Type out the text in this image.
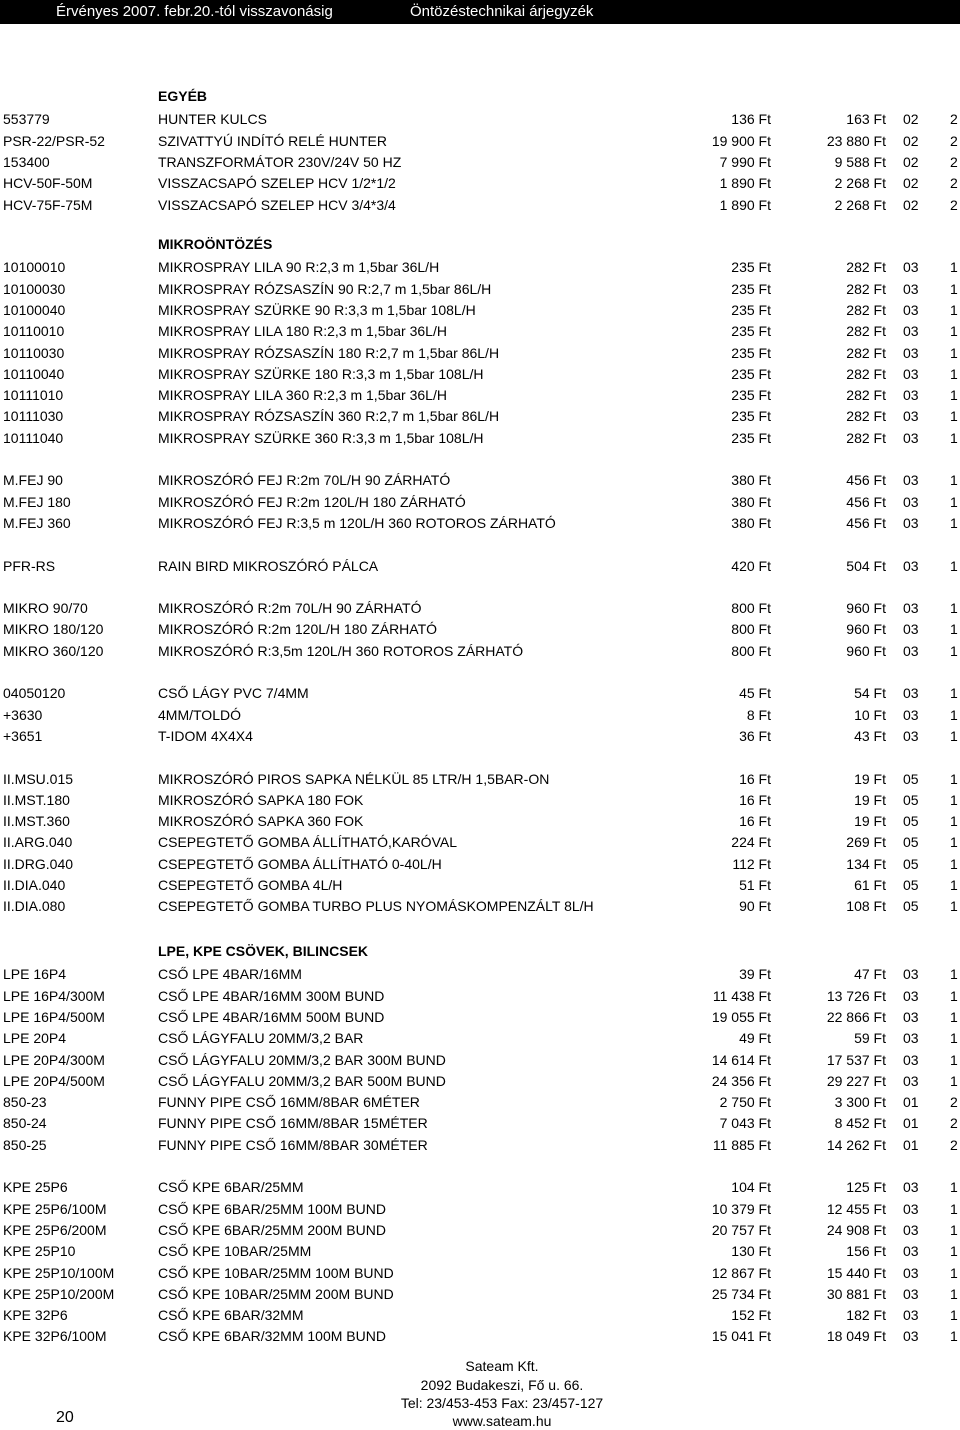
Érvényes 2007. febr.20.-tól visszavonásig	Öntözéstechnikai árjegyzék
EGYÉB
553779	HUNTER KULCS	136 Ft	163 Ft 02 2
PSR-22/PSR-52	SZIVATTYÚ INDÍTÓ RELÉ HUNTER	19 900 Ft	23 880 Ft 02 2
153400	TRANSZFORMÁTOR 230V/24V 50 HZ	7 990 Ft	9 588 Ft 02 2
HCV-50F-50M	VISSZACSAPÓ SZELEP HCV 1/2*1/2	1 890 Ft	2 268 Ft 02 2
HCV-75F-75M	VISSZACSAPÓ SZELEP HCV 3/4*3/4	1 890 Ft	2 268 Ft 02 2
MIKROÖNTÖZÉS
10100010	MIKROSPRAY LILA 90 R:2,3 m 1,5bar 36L/H	235 Ft	282 Ft 03 1
10100030	MIKROSPRAY RÓZSASZÍN 90 R:2,7 m 1,5bar 86L/H	235 Ft	282 Ft 03 1
10100040	MIKROSPRAY SZÜRKE 90 R:3,3 m 1,5bar 108L/H	235 Ft	282 Ft 03 1
10110010	MIKROSPRAY LILA 180 R:2,3 m 1,5bar 36L/H	235 Ft	282 Ft 03 1
10110030	MIKROSPRAY RÓZSASZÍN 180 R:2,7 m 1,5bar 86L/H	235 Ft	282 Ft 03 1
10110040	MIKROSPRAY SZÜRKE 180 R:3,3 m 1,5bar 108L/H	235 Ft	282 Ft 03 1
10111010	MIKROSPRAY LILA 360 R:2,3 m 1,5bar 36L/H	235 Ft	282 Ft 03 1
10111030	MIKROSPRAY RÓZSASZÍN 360 R:2,7 m 1,5bar 86L/H	235 Ft	282 Ft 03 1
10111040	MIKROSPRAY SZÜRKE 360 R:3,3 m 1,5bar 108L/H	235 Ft	282 Ft 03 1
M.FEJ 90	MIKROSZÓRÓ FEJ R:2m 70L/H 90 ZÁRHATÓ	380 Ft	456 Ft 03 1
M.FEJ 180	MIKROSZÓRÓ FEJ R:2m 120L/H 180 ZÁRHATÓ	380 Ft	456 Ft 03 1
M.FEJ 360	MIKROSZÓRÓ FEJ R:3,5 m 120L/H 360 ROTOROS ZÁRHATÓ	380 Ft	456 Ft 03 1
PFR-RS	RAIN BIRD MIKROSZÓRÓ PÁLCA	420 Ft	504 Ft 03 1
MIKRO 90/70	MIKROSZÓRÓ R:2m 70L/H 90 ZÁRHATÓ	800 Ft	960 Ft 03 1
MIKRO 180/120	MIKROSZÓRÓ R:2m 120L/H 180 ZÁRHATÓ	800 Ft	960 Ft 03 1
MIKRO 360/120	MIKROSZÓRÓ R:3,5m 120L/H 360 ROTOROS ZÁRHATÓ	800 Ft	960 Ft 03 1
04050120	CSŐ LÁGY PVC 7/4MM	45 Ft	54 Ft 03 1
+3630	4MM/TOLDÓ	8 Ft	10 Ft 03 1
+3651	T-IDOM 4X4X4	36 Ft	43 Ft 03 1
II.MSU.015	MIKROSZÓRÓ PIROS SAPKA NÉLKÜL 85 LTR/H 1,5BAR-ON	16 Ft	19 Ft 05 1
II.MST.180	MIKROSZÓRÓ SAPKA 180 FOK	16 Ft	19 Ft 05 1
II.MST.360	MIKROSZÓRÓ SAPKA 360 FOK	16 Ft	19 Ft 05 1
II.ARG.040	CSEPEGTETŐ GOMBA ÁLLÍTHATÓ,KARÓVAL	224 Ft	269 Ft 05 1
II.DRG.040	CSEPEGTETŐ GOMBA ÁLLÍTHATÓ 0-40L/H	112 Ft	134 Ft 05 1
II.DIA.040	CSEPEGTETŐ GOMBA 4L/H	51 Ft	61 Ft 05 1
II.DIA.080	CSEPEGTETŐ GOMBA TURBO PLUS NYOMÁSKOMPENZÁLT 8L/H	90 Ft	108 Ft 05 1
LPE, KPE CSÖVEK, BILINCSEK
LPE 16P4	CSŐ LPE 4BAR/16MM	39 Ft	47 Ft 03 1
LPE 16P4/300M	CSŐ LPE 4BAR/16MM 300M BUND	11 438 Ft	13 726 Ft 03 1
LPE 16P4/500M	CSŐ LPE 4BAR/16MM 500M BUND	19 055 Ft	22 866 Ft 03 1
LPE 20P4	CSŐ LÁGYFALU 20MM/3,2 BAR	49 Ft	59 Ft 03 1
LPE 20P4/300M	CSŐ LÁGYFALU 20MM/3,2 BAR 300M BUND	14 614 Ft	17 537 Ft 03 1
LPE 20P4/500M	CSŐ LÁGYFALU 20MM/3,2 BAR 500M BUND	24 356 Ft	29 227 Ft 03 1
850-23	FUNNY PIPE CSŐ 16MM/8BAR 6MÉTER	2 750 Ft	3 300 Ft 01 2
850-24	FUNNY PIPE CSŐ 16MM/8BAR 15MÉTER	7 043 Ft	8 452 Ft 01 2
850-25	FUNNY PIPE CSŐ 16MM/8BAR 30MÉTER	11 885 Ft	14 262 Ft 01 2
KPE 25P6	CSŐ KPE 6BAR/25MM	104 Ft	125 Ft 03 1
KPE 25P6/100M	CSŐ KPE 6BAR/25MM 100M BUND	10 379 Ft	12 455 Ft 03 1
KPE 25P6/200M	CSŐ KPE 6BAR/25MM 200M BUND	20 757 Ft	24 908 Ft 03 1
KPE 25P10	CSŐ KPE 10BAR/25MM	130 Ft	156 Ft 03 1
KPE 25P10/100M	CSŐ KPE 10BAR/25MM 100M BUND	12 867 Ft	15 440 Ft 03 1
KPE 25P10/200M	CSŐ KPE 10BAR/25MM 200M BUND	25 734 Ft	30 881 Ft 03 1
KPE 32P6	CSŐ KPE 6BAR/32MM	152 Ft	182 Ft 03 1
KPE 32P6/100M	CSŐ KPE 6BAR/32MM 100M BUND	15 041 Ft	18 049 Ft 03 1
Sateam Kft.
2092 Budakeszi, Fő u. 66.
Tel: 23/453-453 Fax: 23/457-127
www.sateam.hu
20
